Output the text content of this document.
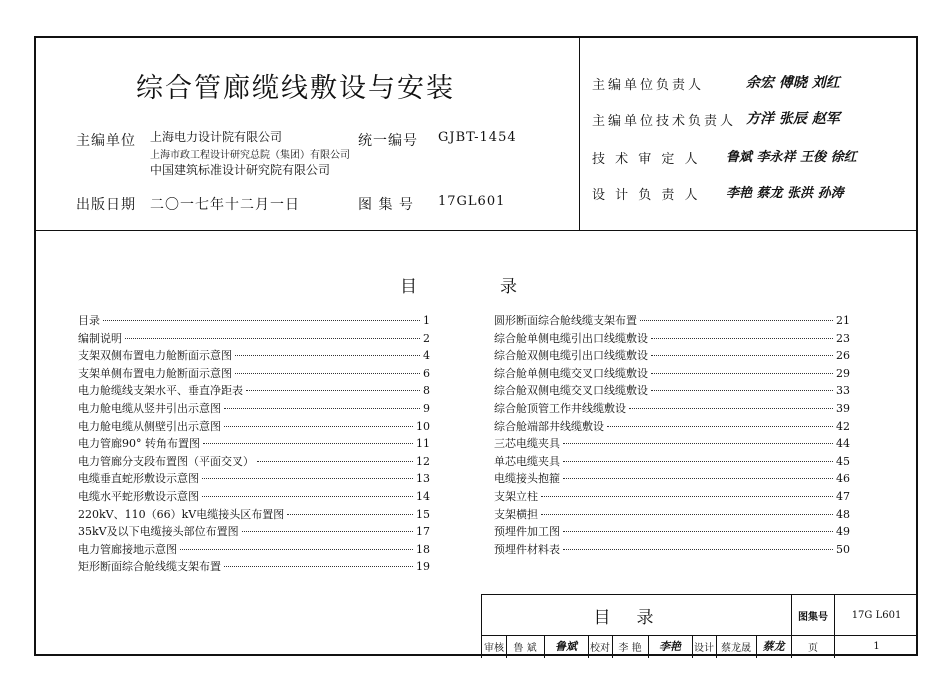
综合管廊缆线敷设与安装
主编单位 上海电力设计院有限公司
上海市政工程设计研究总院（集团）有限公司
中国建筑标准设计研究院有限公司
统一编号 GJBT-1454
出版日期 二〇一七年十二月一日	图 集 号 17GL601
主编单位负责人	余宏 傅晓 刘红
主编单位技术负责人 方洋 张辰 赵军
技 术 审 定 人 鲁斌 李永祥 王俊 徐红
设 计 负 责 人 李艳 蔡龙 张洪 孙涛
目	录
目录	1
编制说明	2
支架双侧布置电力舱断面示意图	4
支架单侧布置电力舱断面示意图	6
电力舱缆线支架水平、垂直净距表	8
电力舱电缆从竖井引出示意图	9
电力舱电缆从侧壁引出示意图	10
电力管廊90° 转角布置图	11
电力管廊分支段布置图（平面交叉）	12
电缆垂直蛇形敷设示意图	13
电缆水平蛇形敷设示意图	14
220kV、110（66）kV电缆接头区布置图	15
35kV及以下电缆接头部位布置图	17
电力管廊接地示意图	18
矩形断面综合舱线缆支架布置	19
圆形断面综合舱线缆支架布置	21
综合舱单侧电缆引出口线缆敷设	23
综合舱双侧电缆引出口线缆敷设	26
综合舱单侧电缆交叉口线缆敷设	29
综合舱双侧电缆交叉口线缆敷设	33
综合舱顶管工作井线缆敷设	39
综合舱端部井线缆敷设	42
三芯电缆夹具	44
单芯电缆夹具	45
电缆接头抱箍	46
支架立柱	47
支架横担	48
预埋件加工图	49
预埋件材料表	50
目录	图集号	17G L601
页	1
审核 鲁 斌	鲁斌	校对 李 艳	李艳	设计 蔡龙晟	蔡龙
